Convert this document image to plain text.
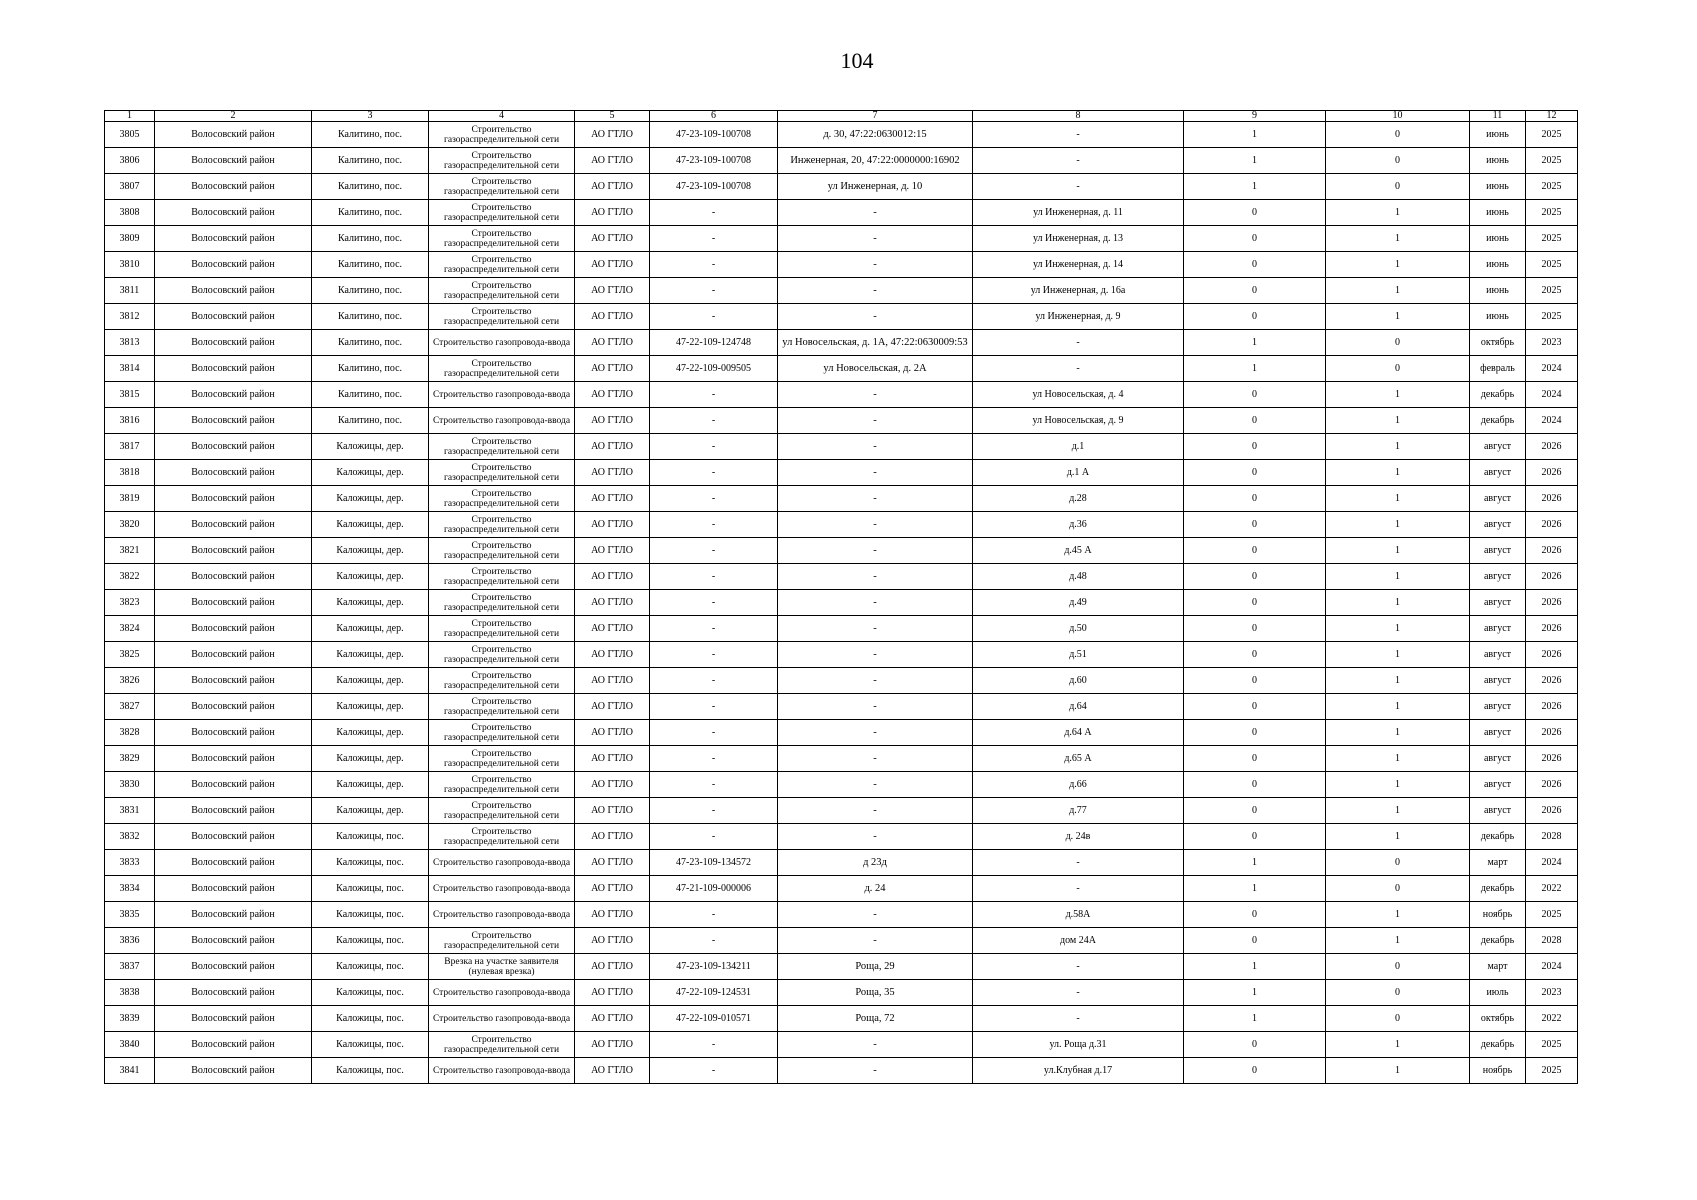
104
1	2	3	4	5	6	7	8	9	10	11	12
3805	Волосовский район	Калитино, пос.	Строительство газораспределительной сети	АО ГТЛО	47-23-109-100708	д. 30, 47:22:0630012:15	-	1	0	июнь	2025
3806	Волосовский район	Калитино, пос.	Строительство газораспределительной сети	АО ГТЛО	47-23-109-100708	Инженерная, 20, 47:22:0000000:16902	-	1	0	июнь	2025
3807	Волосовский район	Калитино, пос.	Строительство газораспределительной сети	АО ГТЛО	47-23-109-100708	ул Инженерная, д. 10	-	1	0	июнь	2025
3808	Волосовский район	Калитино, пос.	Строительство газораспределительной сети	АО ГТЛО	-	-	ул Инженерная, д. 11	0	1	июнь	2025
3809	Волосовский район	Калитино, пос.	Строительство газораспределительной сети	АО ГТЛО	-	-	ул Инженерная, д. 13	0	1	июнь	2025
3810	Волосовский район	Калитино, пос.	Строительство газораспределительной сети	АО ГТЛО	-	-	ул Инженерная, д. 14	0	1	июнь	2025
3811	Волосовский район	Калитино, пос.	Строительство газораспределительной сети	АО ГТЛО	-	-	ул Инженерная, д. 16а	0	1	июнь	2025
3812	Волосовский район	Калитино, пос.	Строительство газораспределительной сети	АО ГТЛО	-	-	ул Инженерная, д. 9	0	1	июнь	2025
3813	Волосовский район	Калитино, пос.	Строительство газопровода-ввода	АО ГТЛО	47-22-109-124748	ул Новосельская, д. 1А, 47:22:0630009:53	-	1	0	октябрь	2023
3814	Волосовский район	Калитино, пос.	Строительство газораспределительной сети	АО ГТЛО	47-22-109-009505	ул Новосельская, д. 2А	-	1	0	февраль	2024
3815	Волосовский район	Калитино, пос.	Строительство газопровода-ввода	АО ГТЛО	-	-	ул Новосельская, д. 4	0	1	декабрь	2024
3816	Волосовский район	Калитино, пос.	Строительство газопровода-ввода	АО ГТЛО	-	-	ул Новосельская, д. 9	0	1	декабрь	2024
3817	Волосовский район	Каложицы, дер.	Строительство газораспределительной сети	АО ГТЛО	-	-	д.1	0	1	август	2026
3818	Волосовский район	Каложицы, дер.	Строительство газораспределительной сети	АО ГТЛО	-	-	д.1 А	0	1	август	2026
3819	Волосовский район	Каложицы, дер.	Строительство газораспределительной сети	АО ГТЛО	-	-	д.28	0	1	август	2026
3820	Волосовский район	Каложицы, дер.	Строительство газораспределительной сети	АО ГТЛО	-	-	д.36	0	1	август	2026
3821	Волосовский район	Каложицы, дер.	Строительство газораспределительной сети	АО ГТЛО	-	-	д.45 А	0	1	август	2026
3822	Волосовский район	Каложицы, дер.	Строительство газораспределительной сети	АО ГТЛО	-	-	д.48	0	1	август	2026
3823	Волосовский район	Каложицы, дер.	Строительство газораспределительной сети	АО ГТЛО	-	-	д.49	0	1	август	2026
3824	Волосовский район	Каложицы, дер.	Строительство газораспределительной сети	АО ГТЛО	-	-	д.50	0	1	август	2026
3825	Волосовский район	Каложицы, дер.	Строительство газораспределительной сети	АО ГТЛО	-	-	д.51	0	1	август	2026
3826	Волосовский район	Каложицы, дер.	Строительство газораспределительной сети	АО ГТЛО	-	-	д.60	0	1	август	2026
3827	Волосовский район	Каложицы, дер.	Строительство газораспределительной сети	АО ГТЛО	-	-	д.64	0	1	август	2026
3828	Волосовский район	Каложицы, дер.	Строительство газораспределительной сети	АО ГТЛО	-	-	д.64 А	0	1	август	2026
3829	Волосовский район	Каложицы, дер.	Строительство газораспределительной сети	АО ГТЛО	-	-	д.65 А	0	1	август	2026
3830	Волосовский район	Каложицы, дер.	Строительство газораспределительной сети	АО ГТЛО	-	-	д.66	0	1	август	2026
3831	Волосовский район	Каложицы, дер.	Строительство газораспределительной сети	АО ГТЛО	-	-	д.77	0	1	август	2026
3832	Волосовский район	Каложицы, пос.	Строительство газораспределительной сети	АО ГТЛО	-	-	д. 24в	0	1	декабрь	2028
3833	Волосовский район	Каложицы, пос.	Строительство газопровода-ввода	АО ГТЛО	47-23-109-134572	д 23д	-	1	0	март	2024
3834	Волосовский район	Каложицы, пос.	Строительство газопровода-ввода	АО ГТЛО	47-21-109-000006	д. 24	-	1	0	декабрь	2022
3835	Волосовский район	Каложицы, пос.	Строительство газопровода-ввода	АО ГТЛО	-	-	д.58А	0	1	ноябрь	2025
3836	Волосовский район	Каложицы, пос.	Строительство газораспределительной сети	АО ГТЛО	-	-	дом 24А	0	1	декабрь	2028
3837	Волосовский район	Каложицы, пос.	Врезка на участке заявителя (нулевая врезка)	АО ГТЛО	47-23-109-134211	Роща, 29	-	1	0	март	2024
3838	Волосовский район	Каложицы, пос.	Строительство газопровода-ввода	АО ГТЛО	47-22-109-124531	Роща, 35	-	1	0	июль	2023
3839	Волосовский район	Каложицы, пос.	Строительство газопровода-ввода	АО ГТЛО	47-22-109-010571	Роща, 72	-	1	0	октябрь	2022
3840	Волосовский район	Каложицы, пос.	Строительство газораспределительной сети	АО ГТЛО	-	-	ул. Роща д.31	0	1	декабрь	2025
3841	Волосовский район	Каложицы, пос.	Строительство газопровода-ввода	АО ГТЛО	-	-	ул.Клубная д.17	0	1	ноябрь	2025
